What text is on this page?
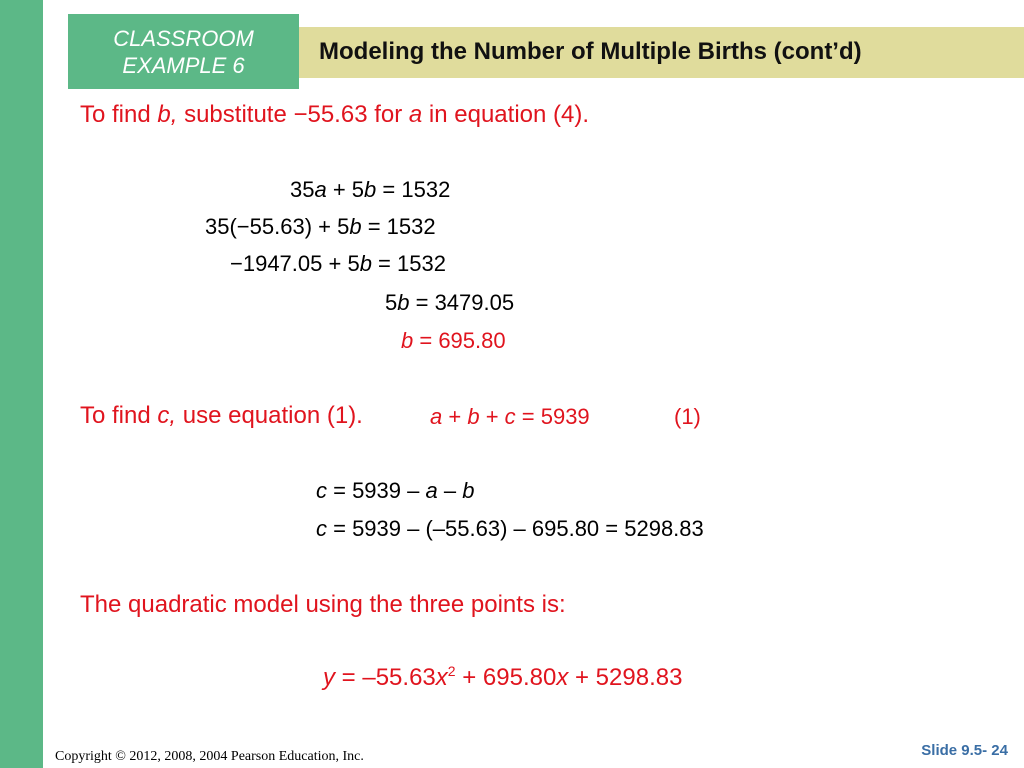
CLASSROOM
EXAMPLE 6	Modeling the Number of Multiple Births (cont’d)
To find b, substitute −55.63 for a in equation (4).
35a + 5b = 1532
35(−55.63) + 5b = 1532
−1947.05 + 5b = 1532
5b = 3479.05
b = 695.80
To find c, use equation (1).	a + b + c = 5939	(1)
c = 5939 – a – b
c = 5939 – (–55.63) – 695.80 = 5298.83
The quadratic model using the three points is:
$y = -55.63x^2 + 695.80x + 5298.83$
Copyright © 2012, 2008, 2004 Pearson Education, Inc.	Slide 9.5- 24
